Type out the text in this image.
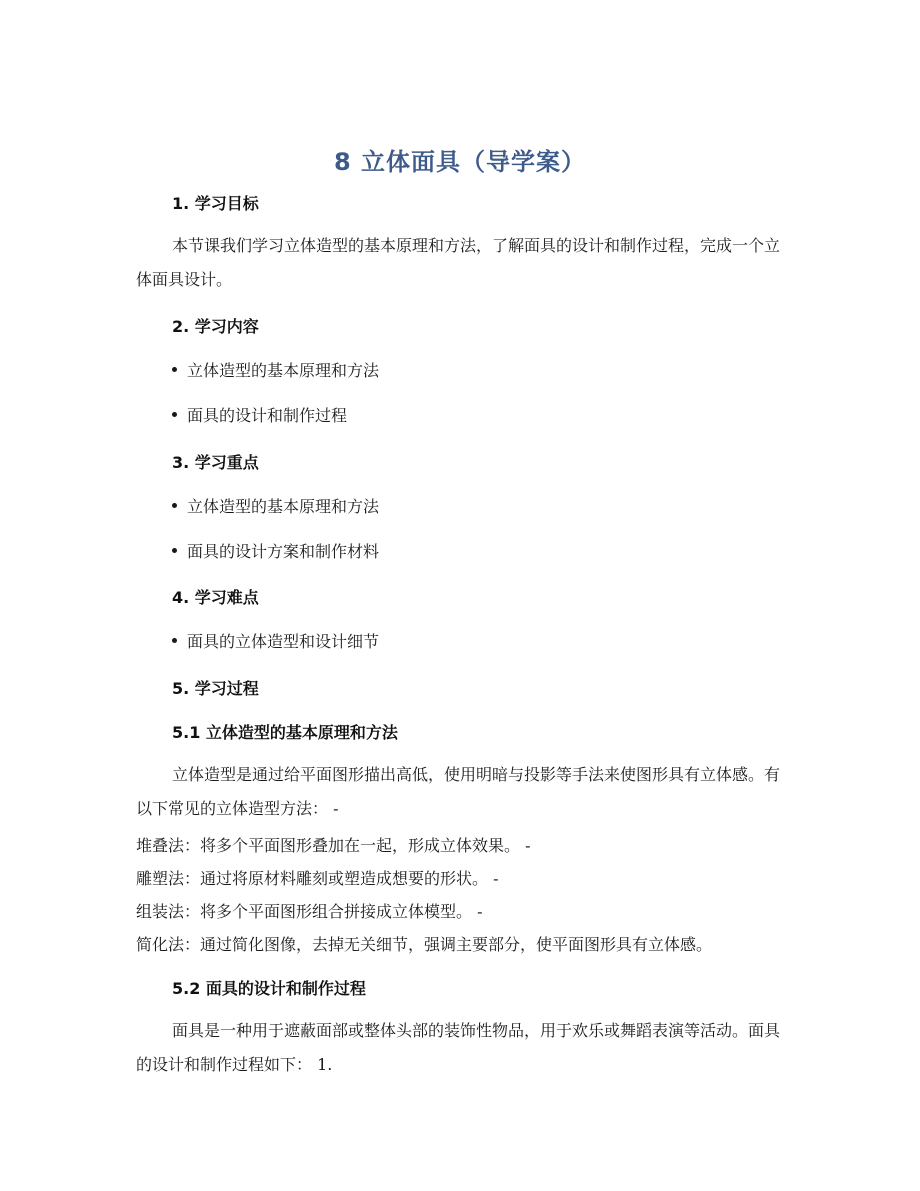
8 立体面具（导学案）
1. 学习目标
本节课我们学习立体造型的基本原理和方法，了解面具的设计和制作过程，完成一个立体面具设计。
2. 学习内容
立体造型的基本原理和方法
面具的设计和制作过程
3. 学习重点
立体造型的基本原理和方法
面具的设计方案和制作材料
4. 学习难点
面具的立体造型和设计细节
5. 学习过程
5.1 立体造型的基本原理和方法
立体造型是通过给平面图形描出高低，使用明暗与投影等手法来使图形具有立体感。有以下常见的立体造型方法： -
堆叠法：将多个平面图形叠加在一起，形成立体效果。 -
雕塑法：通过将原材料雕刻或塑造成想要的形状。 -
组装法：将多个平面图形组合拼接成立体模型。 -
简化法：通过简化图像，去掉无关细节，强调主要部分，使平面图形具有立体感。
5.2 面具的设计和制作过程
面具是一种用于遮蔽面部或整体头部的装饰性物品，用于欢乐或舞蹈表演等活动。面具的设计和制作过程如下： 1.
